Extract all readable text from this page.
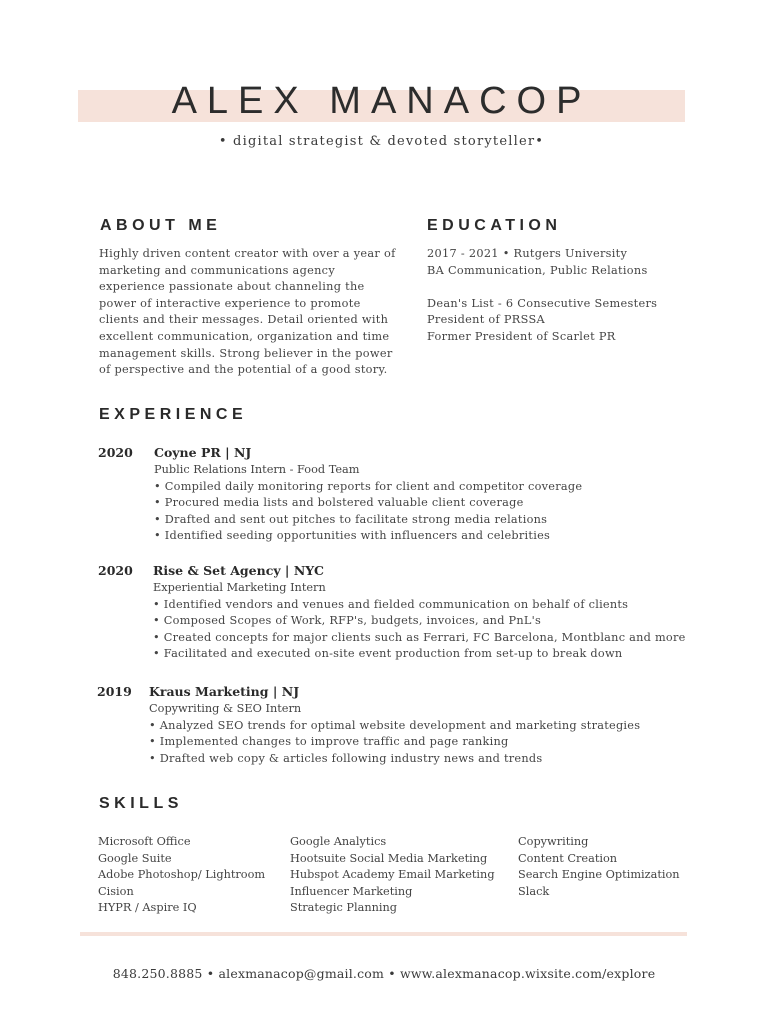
ALEX MANACOP
• digital strategist & devoted storyteller•
ABOUT ME
Highly driven content creator with over a year of
marketing and communications agency
experience passionate about channeling the
power of interactive experience to promote
clients and their messages. Detail oriented with
excellent communication, organization and time
management skills. Strong believer in the power
of perspective and the potential of a good story.
EDUCATION
2017 - 2021 • Rutgers University
BA Communication, Public Relations
Dean's List - 6 Consecutive Semesters
President of PRSSA
Former President of Scarlet PR
EXPERIENCE
2020 Coyne PR | NJ
Public Relations Intern - Food Team
• Compiled daily monitoring reports for client and competitor coverage
• Procured media lists and bolstered valuable client coverage
• Drafted and sent out pitches to facilitate strong media relations
• Identified seeding opportunities with influencers and celebrities
2020 Rise & Set Agency | NYC
Experiential Marketing Intern
• Identified vendors and venues and fielded communication on behalf of clients
• Composed Scopes of Work, RFP's, budgets, invoices, and PnL's
• Created concepts for major clients such as Ferrari, FC Barcelona, Montblanc and more
• Facilitated and executed on-site event production from set-up to break down
2019 Kraus Marketing | NJ
Copywriting & SEO Intern
• Analyzed SEO trends for optimal website development and marketing strategies
• Implemented changes to improve traffic and page ranking
• Drafted web copy & articles following industry news and trends
SKILLS
Microsoft Office
Google Suite
Adobe Photoshop/ Lightroom
Cision
HYPR / Aspire IQ
Google Analytics
Hootsuite Social Media Marketing
Hubspot Academy Email Marketing
Influencer Marketing
Strategic Planning
Copywriting
Content Creation
Search Engine Optimization
Slack
848.250.8885 • alexmanacop@gmail.com • www.alexmanacop.wixsite.com/explore
